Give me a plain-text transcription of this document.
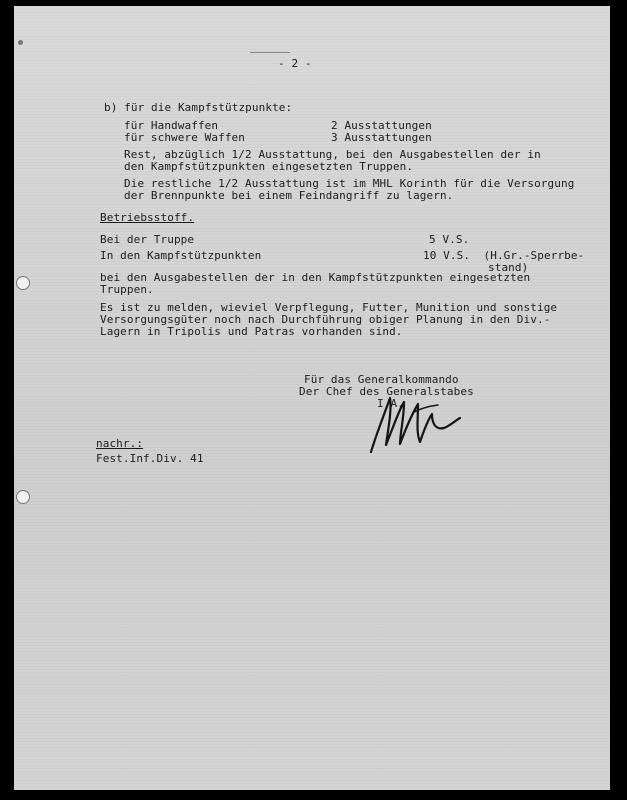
- 2 -
b) für die Kampfstützpunkte:
für Handwaffen	2 Ausstattungen
für schwere Waffen	3 Ausstattungen
Rest, abzüglich 1/2 Ausstattung, bei den Ausgabestellen der in
den Kampfstützpunkten eingesetzten Truppen.
Die restliche 1/2 Ausstattung ist im MHL Korinth für die Versorgung
der Brennpunkte bei einem Feindangriff zu lagern.
Betriebsstoff.
Bei der Truppe	5 V.S.
In den Kampfstützpunkten	10 V.S.  (H.Gr.-Sperrbe-
stand)
bei den Ausgabestellen der in den Kampfstützpunkten eingesetzten
Truppen.
Es ist zu melden, wieviel Verpflegung, Futter, Munition und sonstige
Versorgungsgüter noch nach Durchführung obiger Planung in den Div.-
Lagern in Tripolis und Patras vorhanden sind.
Für das Generalkommando
Der Chef des Generalstabes
I.A.
nachr.:
Fest.Inf.Div. 41
